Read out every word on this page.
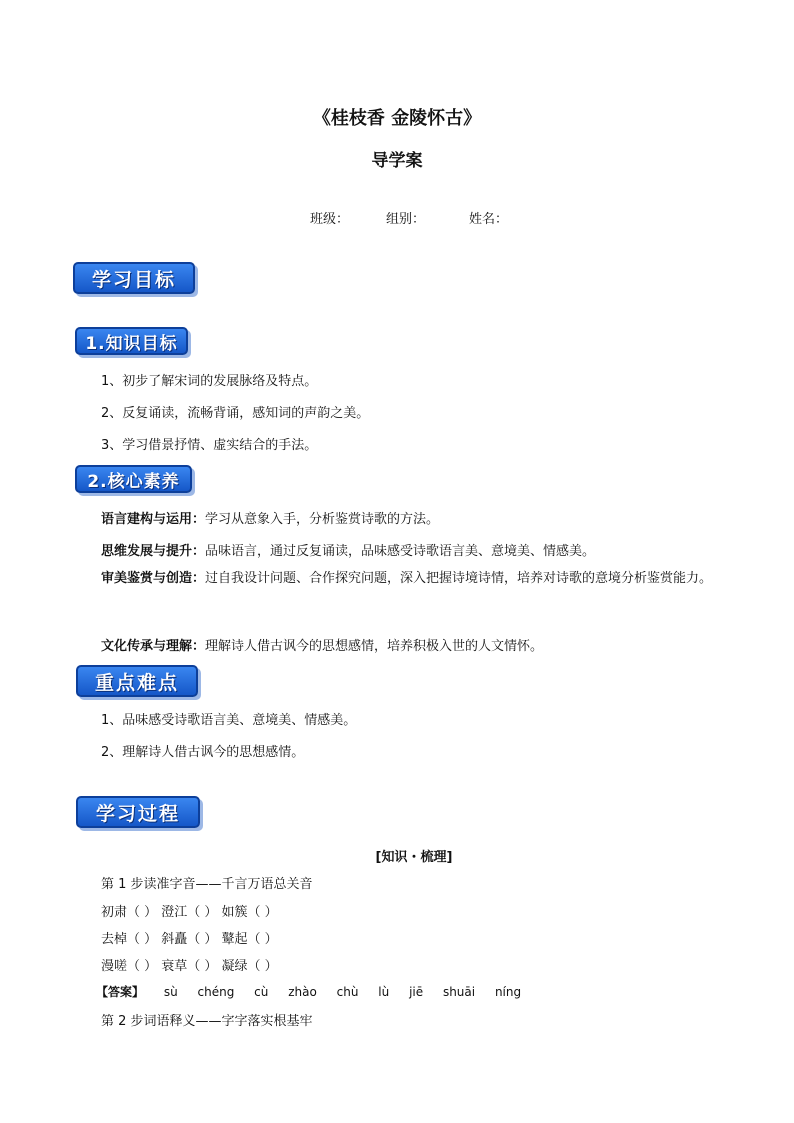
《桂枝香 金陵怀古》
导学案
班级：	组别：	姓名：
学习目标
1.知识目标
1、初步了解宋词的发展脉络及特点。
2、反复诵读，流畅背诵，感知词的声韵之美。
3、学习借景抒情、虚实结合的手法。
2.核心素养
语言建构与运用：学习从意象入手，分析鉴赏诗歌的方法。
思维发展与提升：品味语言，通过反复诵读，品味感受诗歌语言美、意境美、情感美。
审美鉴赏与创造：过自我设计问题、合作探究问题，深入把握诗境诗情，培养对诗歌的意境分析鉴赏能力。
文化传承与理解：理解诗人借古讽今的思想感情，培养积极入世的人文情怀。
重点难点
1、品味感受诗歌语言美、意境美、情感美。
2、理解诗人借古讽今的思想感情。
学习过程
[知识・梳理]
第 1 步读准字音——千言万语总关音
初肃（ ） 澄江（ ） 如簇（ ）
去棹（ ） 斜矗（ ） 鼙起（ ）
漫嗟（ ） 衰草（ ） 凝绿（ ）
【答案】 sù chéng cù zhào chù lù jiē shuāi níng
第 2 步词语释义——字字落实根基牢
